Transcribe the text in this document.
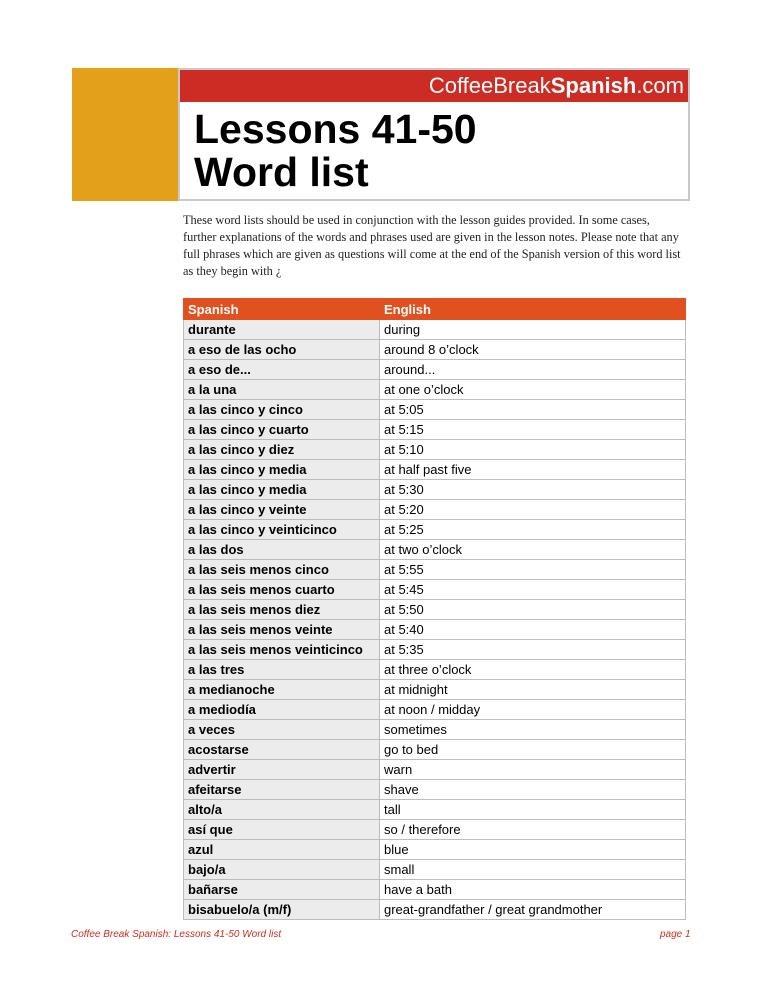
CoffeeBreakSpanish.com
Lessons 41-50
Word list
These word lists should be used in conjunction with the lesson guides provided. In some cases, further explanations of the words and phrases used are given in the lesson notes. Please note that any full phrases which are given as questions will come at the end of the Spanish version of this word list as they begin with ¿
Spanish	English
durante	during
a eso de las ocho	around 8 o’clock
a eso de...	around...
a la una	at one o’clock
a las cinco y cinco	at 5:05
a las cinco y cuarto	at 5:15
a las cinco y diez	at 5:10
a las cinco y media	at half past five
a las cinco y media	at 5:30
a las cinco y veinte	at 5:20
a las cinco y veinticinco	at 5:25
a las dos	at two o’clock
a las seis menos cinco	at 5:55
a las seis menos cuarto	at 5:45
a las seis menos diez	at 5:50
a las seis menos veinte	at 5:40
a las seis menos veinticinco	at 5:35
a las tres	at three o’clock
a medianoche	at midnight
a mediodía	at noon / midday
a veces	sometimes
acostarse	go to bed
advertir	warn
afeitarse	shave
alto/a	tall
así que	so / therefore
azul	blue
bajo/a	small
bañarse	have a bath
bisabuelo/a (m/f)	great-grandfather / great grandmother
Coffee Break Spanish: Lessons 41-50 Word list	page 1
